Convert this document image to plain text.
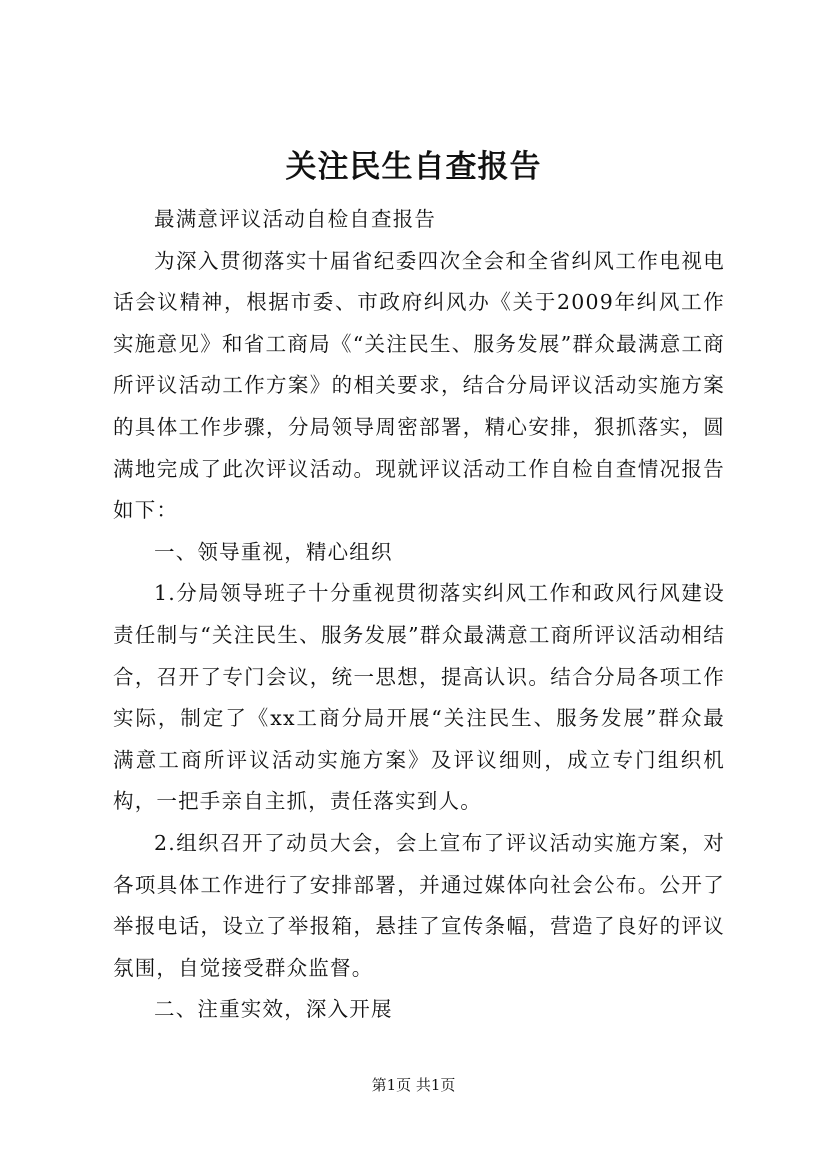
关注民生自查报告

最满意评议活动自检自查报告

为深入贯彻落实十届省纪委四次全会和全省纠风工作电视电话会议精神，根据市委、市政府纠风办《关于2009年纠风工作实施意见》和省工商局《“关注民生、服务发展”群众最满意工商所评议活动工作方案》的相关要求，结合分局评议活动实施方案的具体工作步骤，分局领导周密部署，精心安排，狠抓落实，圆满地完成了此次评议活动。现就评议活动工作自检自查情况报告如下：

一、领导重视，精心组织

1.分局领导班子十分重视贯彻落实纠风工作和政风行风建设责任制与“关注民生、服务发展”群众最满意工商所评议活动相结合，召开了专门会议，统一思想，提高认识。结合分局各项工作实际，制定了《xx工商分局开展“关注民生、服务发展”群众最满意工商所评议活动实施方案》及评议细则，成立专门组织机构，一把手亲自主抓，责任落实到人。

2.组织召开了动员大会，会上宣布了评议活动实施方案，对各项具体工作进行了安排部署，并通过媒体向社会公布。公开了举报电话，设立了举报箱，悬挂了宣传条幅，营造了良好的评议氛围，自觉接受群众监督。

二、注重实效，深入开展

第1页 共1页
